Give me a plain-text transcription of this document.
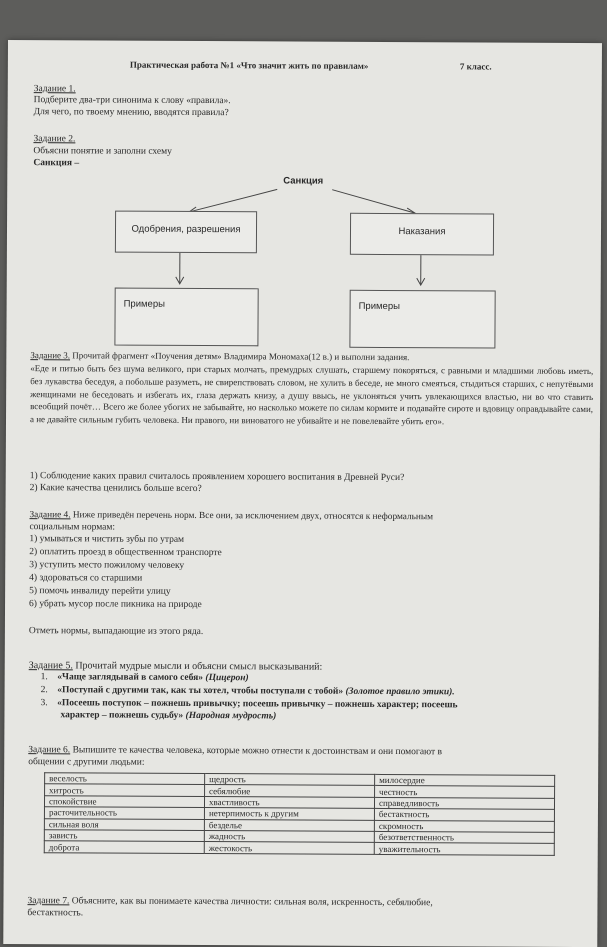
Практическая работа №1 «Что значит жить по правилам»	7 класс.
Задание 1.
Подберите два-три синонима к слову «правила».
Для чего, по твоему мнению, вводятся правила?
Задание 2.
Объясни понятие и заполни схему
Санкция –
Санкция
Одобрения, разрешения	Наказания
Примеры	Примеры
Задание 3. Прочитай фрагмент «Поучения детям» Владимира Мономаха(12 в.) и выполни задания.
«Еде и питью быть без шума великого, при старых молчать, премудрых слушать, старшему покоряться, с равными и младшими любовь иметь, без лукавства беседуя, а побольше разуметь, не свирепствовать словом, не хулить в беседе, не много смеяться, стыдиться старших, с непутёвыми женщинами не беседовать и избегать их, глаза держать книзу, а душу ввысь, не уклоняться учить увлекающихся властью, ни во что ставить всеобщий почёт… Всего же более убогих не забывайте, но насколько можете по силам кормите и подавайте сироте и вдовицу оправдывайте сами, а не давайте сильным губить человека. Ни правого, ни виноватого не убивайте и не повелевайте убить его».
1) Соблюдение каких правил считалось проявлением хорошего воспитания в Древней Руси?
2) Какие качества ценились больше всего?
Задание 4. Ниже приведён перечень норм. Все они, за исключением двух, относятся к неформальным
социальным нормам:
1) умываться и чистить зубы по утрам
2) оплатить проезд в общественном транспорте
3) уступить место пожилому человеку
4) здороваться со старшими
5) помочь инвалиду перейти улицу
6) убрать мусор после пикника на природе
Отметь нормы, выпадающие из этого ряда.
Задание 5. Прочитай мудрые мысли и объясни смысл высказываний:
1. «Чаще заглядывай в самого себя» (Цицерон)
2. «Поступай с другими так, как ты хотел, чтобы поступали с тобой» (Золотое правило этики).
3. «Посеешь поступок – пожнешь привычку; посеешь привычку – пожнешь характер; посеешь
характер – пожнешь судьбу» (Народная мудрость)
Задание 6. Выпишите те качества человека, которые можно отнести к достоинствам и они помогают в
общении с другими людьми:
веселость	щедрость	милосердие
хитрость	себялюбие	честность
спокойствие	хвастливость	справедливость
расточительность	нетерпимость к другим	бестактность
сильная воля	безделье	скромность
зависть	жадность	безответственность
доброта	жестокость	уважительность
Задание 7. Объясните, как вы понимаете качества личности: сильная воля, искренность, себялюбие,
бестактность.
